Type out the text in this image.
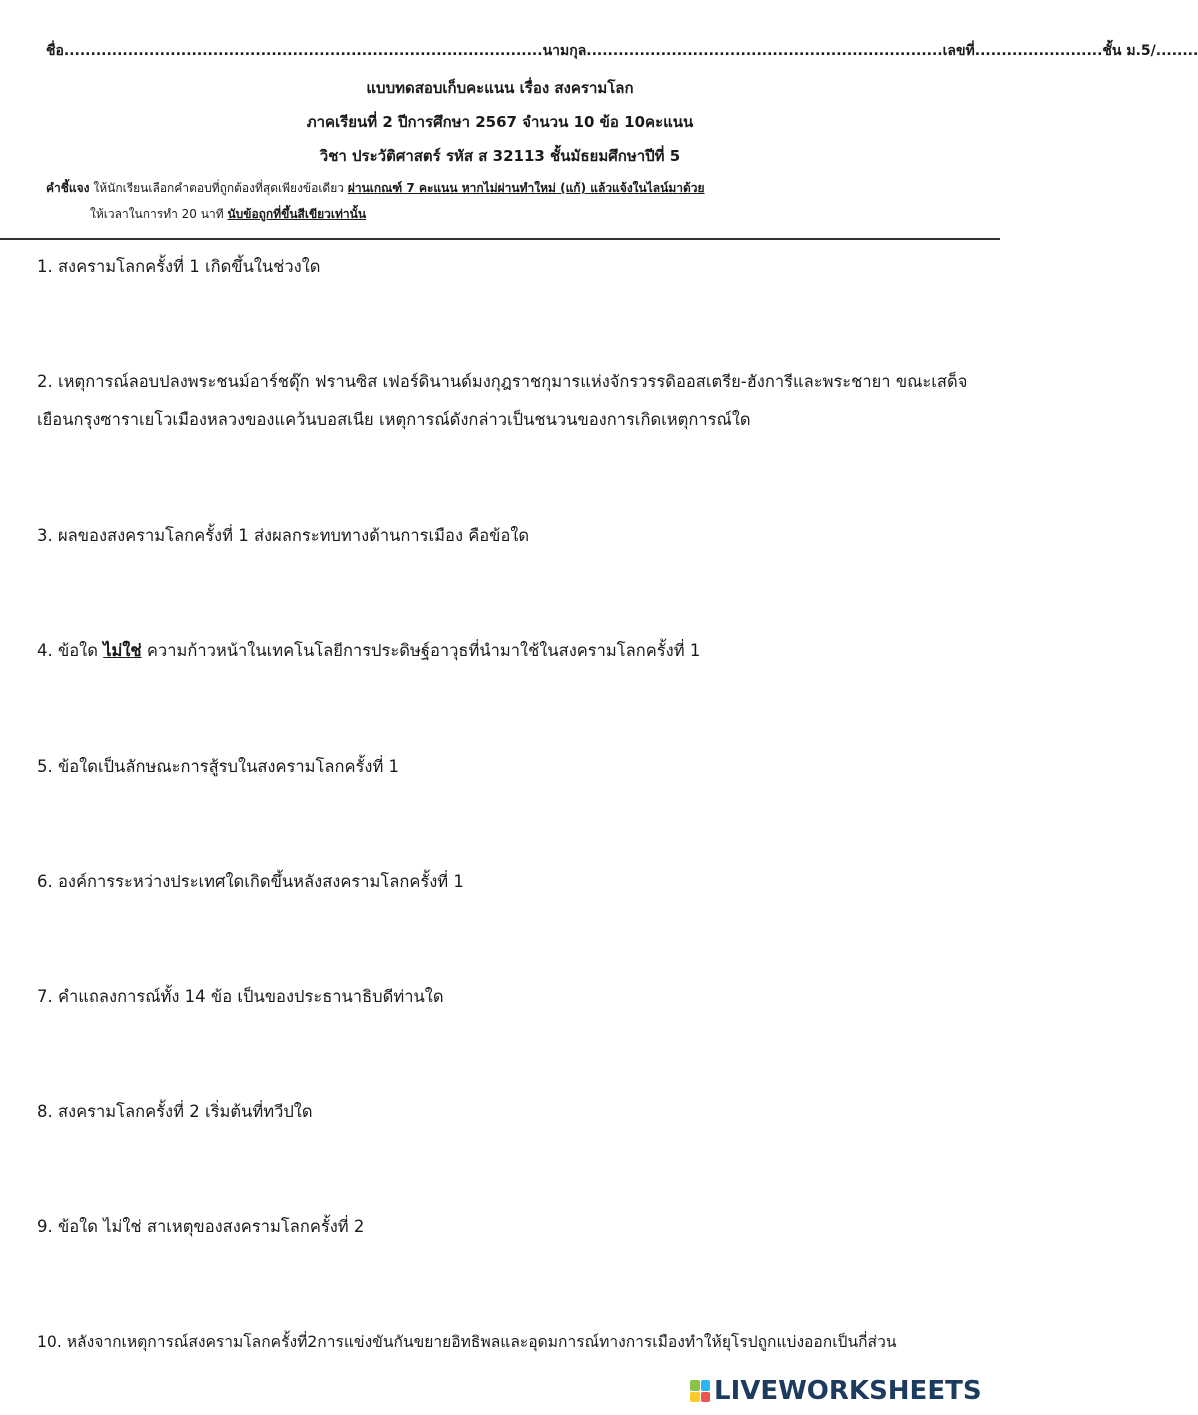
ชื่อ..........................................................................................นามกุล...................................................................เลขที่........................ชั้น ม.5/........
แบบทดสอบเก็บคะแนน เรื่อง สงครามโลก
ภาคเรียนที่ 2 ปีการศึกษา 2567 จำนวน 10 ข้อ 10คะแนน
วิชา ประวัติศาสตร์ รหัส ส 32113 ชั้นมัธยมศึกษาปีที่ 5
คำชี้แจง ให้นักเรียนเลือกคำตอบที่ถูกต้องที่สุดเพียงข้อเดียว ผ่านเกณฑ์ 7 คะแนน หากไม่ผ่านทำใหม่ (แก้) แล้วแจ้งในไลน์มาด้วย
ให้เวลาในการทำ 20 นาที นับข้อถูกที่ขึ้นสีเขียวเท่านั้น
1. สงครามโลกครั้งที่ 1 เกิดขึ้นในช่วงใด
2. เหตุการณ์ลอบปลงพระชนม์อาร์ชดุ๊ก ฟรานซิส เฟอร์ดินานด์มงกุฎราชกุมารแห่งจักรวรรดิออสเตรีย-ฮังการีและพระชายา ขณะเสด็จเยือนกรุงซาราเยโวเมืองหลวงของแคว้นบอสเนีย เหตุการณ์ดังกล่าวเป็นชนวนของการเกิดเหตุการณ์ใด
3. ผลของสงครามโลกครั้งที่ 1 ส่งผลกระทบทางด้านการเมือง คือข้อใด
4. ข้อใด ไม่ใช่ ความก้าวหน้าในเทคโนโลยีการประดิษฐ์อาวุธที่นำมาใช้ในสงครามโลกครั้งที่ 1
5. ข้อใดเป็นลักษณะการสู้รบในสงครามโลกครั้งที่ 1
6. องค์การระหว่างประเทศใดเกิดขึ้นหลังสงครามโลกครั้งที่ 1
7. คำแถลงการณ์ทั้ง 14 ข้อ เป็นของประธานาธิบดีท่านใด
8. สงครามโลกครั้งที่ 2 เริ่มต้นที่ทวีปใด
9. ข้อใด ไม่ใช่ สาเหตุของสงครามโลกครั้งที่ 2
10. หลังจากเหตุการณ์สงครามโลกครั้งที่2การแข่งขันกันขยายอิทธิพลและอุดมการณ์ทางการเมืองทำให้ยุโรปถูกแบ่งออกเป็นกี่ส่วน
LIVEWORKSHEETS
